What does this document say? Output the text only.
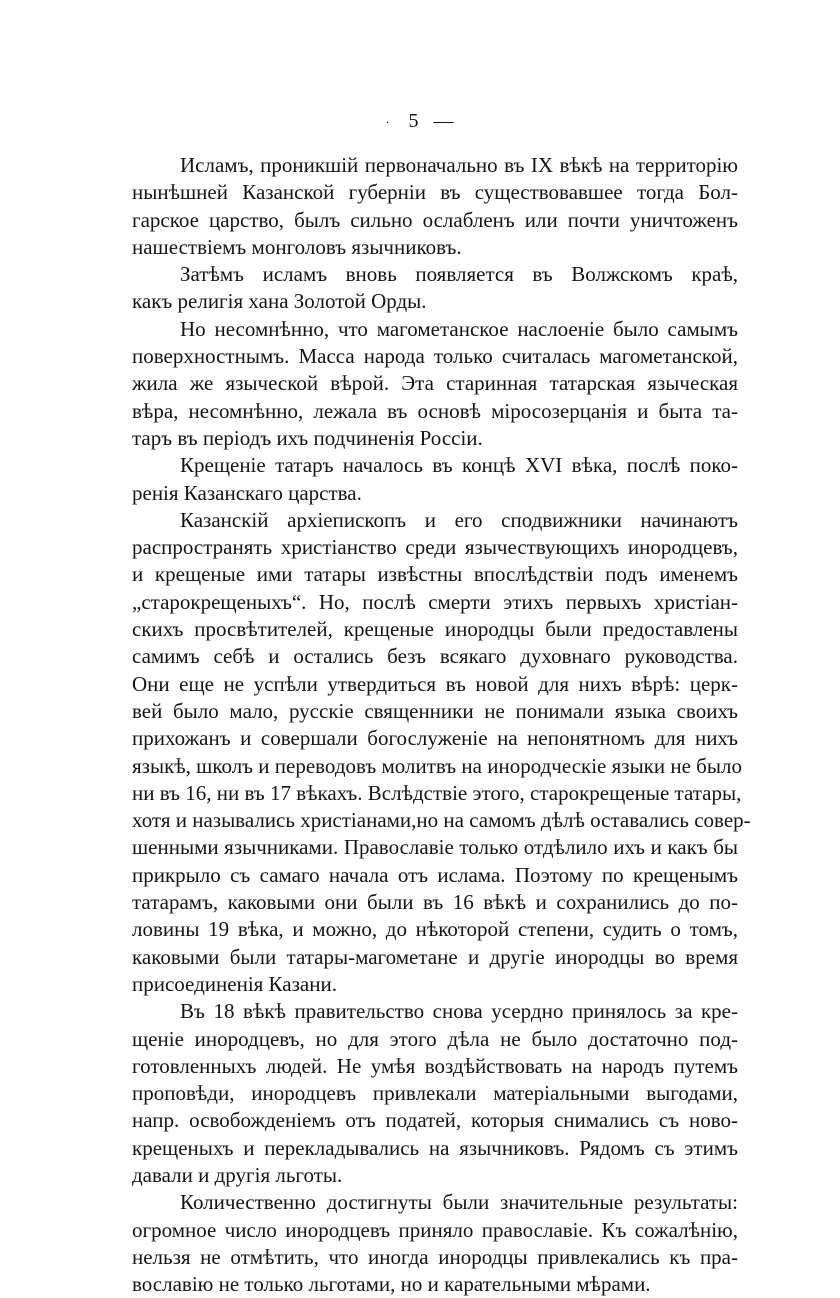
· 5 —
Исламъ, проникшій первоначально въ IX вѣкѣ на территорію
нынѣшней Казанской губерніи въ существовавшее тогда Бол-
гарское царство, былъ сильно ослабленъ или почти уничтоженъ
нашествіемъ монголовъ язычниковъ.
Затѣмъ исламъ вновь появляется въ Волжскомъ краѣ,
какъ религія хана Золотой Орды.
Но несомнѣнно, что магометанское наслоеніе было самымъ
поверхностнымъ. Масса народа только считалась магометанской,
жила же языческой вѣрой. Эта старинная татарская языческая
вѣра, несомнѣнно, лежала въ основѣ міросозерцанія и быта та-
таръ въ періодъ ихъ подчиненія Россіи.
Крещеніе татаръ началось въ концѣ XVI вѣка, послѣ поко-
ренія Казанскаго царства.
Казанскій архіепископъ и его сподвижники начинаютъ
распространять христіанство среди язычествующихъ инородцевъ,
и крещеные ими татары извѣстны впослѣдствіи подъ именемъ
„старокрещеныхъ“. Но, послѣ смерти этихъ первыхъ христіан-
скихъ просвѣтителей, крещеные инородцы были предоставлены
самимъ себѣ и остались безъ всякаго духовнаго руководства.
Они еще не успѣли утвердиться въ новой для нихъ вѣрѣ: церк-
вей было мало, русскіе священники не понимали языка своихъ
прихожанъ и совершали богослуженіе на непонятномъ для нихъ
языкѣ, школъ и переводовъ молитвъ на инородческіе языки не было
ни въ 16, ни въ 17 вѣкахъ. Вслѣдствіе этого, старокрещеные татары,
хотя и назывались христіанами,но на самомъ дѣлѣ оставались совер-
шенными язычниками. Православіе только отдѣлило ихъ и какъ бы
прикрыло съ самаго начала отъ ислама. Поэтому по крещенымъ
татарамъ, каковыми они были въ 16 вѣкѣ и сохранились до по-
ловины 19 вѣка, и можно, до нѣкоторой степени, судить о томъ,
каковыми были татары-магометане и другіе инородцы во время
присоединенія Казани.
Въ 18 вѣкѣ правительство снова усердно принялось за кре-
щеніе инородцевъ, но для этого дѣла не было достаточно под-
готовленныхъ людей. Не умѣя воздѣйствовать на народъ путемъ
проповѣди, инородцевъ привлекали матеріальными выгодами,
напр. освобожденіемъ отъ податей, которыя снимались съ ново-
крещеныхъ и перекладывались на язычниковъ. Рядомъ съ этимъ
давали и другія льготы.
Количественно достигнуты были значительные результаты:
огромное число инородцевъ приняло православіе. Къ сожалѣнію,
нельзя не отмѣтить, что иногда инородцы привлекались къ пра-
вославію не только льготами, но и карательными мѣрами.
